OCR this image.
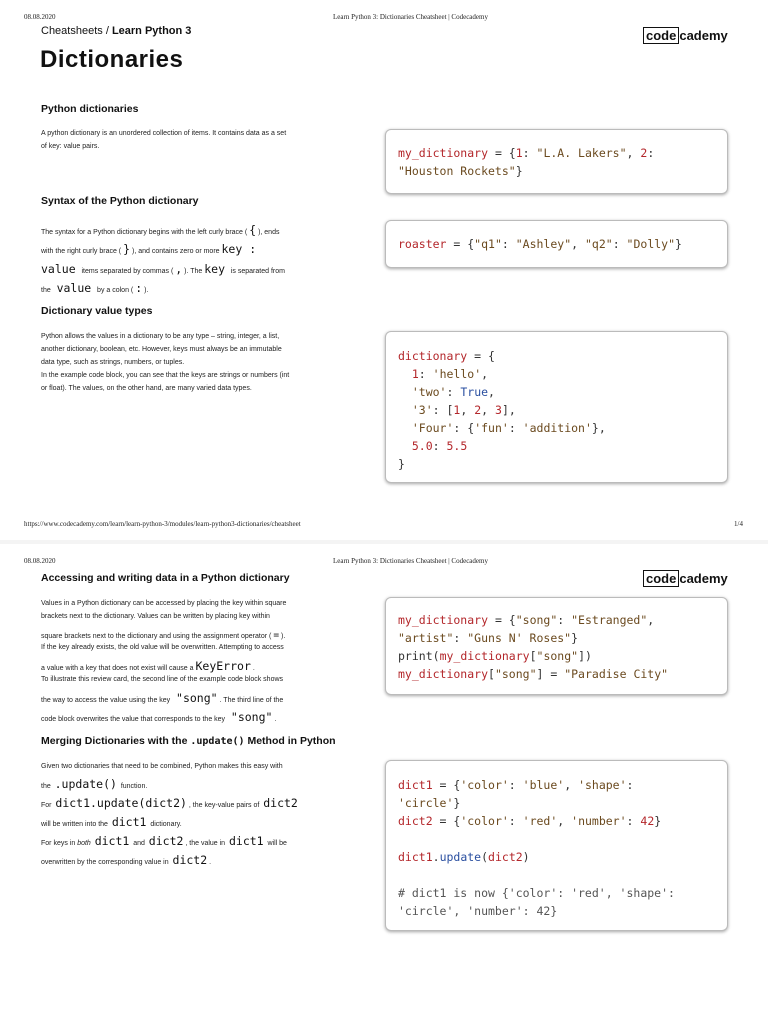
08.08.2020	Learn Python 3: Dictionaries Cheatsheet | Codecademy
Cheatsheets / Learn Python 3	code cademy
Dictionaries
Python dictionaries
A python dictionary is an unordered collection of items. It contains data as a set
of key: value pairs.	my_dictionary = {1: "L.A. Lakers", 2:
"Houston Rockets"}
Syntax of the Python dictionary
The syntax for a Python dictionary begins with the left curly brace ( { ), ends
with the right curly brace ( } ), and contains zero or more key :
value items separated by commas ( , ). The key is separated from
the value by a colon ( : ).
roaster = {"q1": "Ashley", "q2": "Dolly"}
Dictionary value types
Python allows the values in a dictionary to be any type – string, integer, a list,
another dictionary, boolean, etc. However, keys must always be an immutable
data type, such as strings, numbers, or tuples.
In the example code block, you can see that the keys are strings or numbers (int
or float). The values, on the other hand, are many varied data types.
dictionary = {
1: 'hello',
'two': True,
'3': [1, 2, 3],
'Four': {'fun': 'addition'},
5.0: 5.5
}
https://www.codecademy.com/learn/learn-python-3/modules/learn-python3-dictionaries/cheatsheet	1/4
08.08.2020	Learn Python 3: Dictionaries Cheatsheet | Codecademy
code cademy
Accessing and writing data in a Python dictionary
Values in a Python dictionary can be accessed by placing the key within square
brackets next to the dictionary. Values can be written by placing key within
square brackets next to the dictionary and using the assignment operator ( = ).
If the key already exists, the old value will be overwritten. Attempting to access
a value with a key that does not exist will cause a KeyError .
To illustrate this review card, the second line of the example code block shows
the way to access the value using the key "song" . The third line of the
code block overwrites the value that corresponds to the key "song" .
my_dictionary = {"song": "Estranged",
"artist": "Guns N' Roses"}
print(my_dictionary["song"])
my_dictionary["song"] = "Paradise City"
Merging Dictionaries with the .update() Method in Python
Given two dictionaries that need to be combined, Python makes this easy with
the .update() function.
For dict1.update(dict2) , the key-value pairs of dict2
will be written into the dict1 dictionary.
For keys in both dict1 and dict2 , the value in dict1 will be
overwritten by the corresponding value in dict2 .
dict1 = {'color': 'blue', 'shape':
'circle'}
dict2 = {'color': 'red', 'number': 42}

dict1.update(dict2)

# dict1 is now {'color': 'red', 'shape':
'circle', 'number': 42}
